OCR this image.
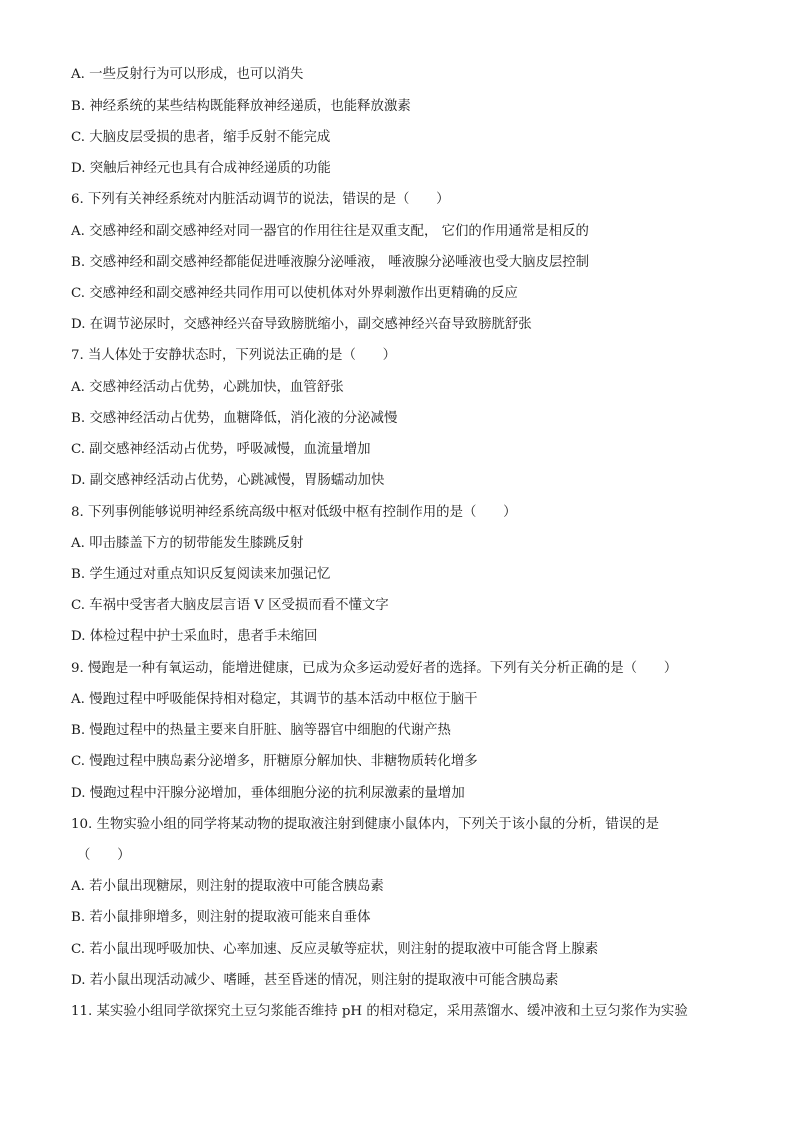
A. 一些反射行为可以形成，也可以消失
B. 神经系统的某些结构既能释放神经递质，也能释放激素
C. 大脑皮层受损的患者，缩手反射不能完成
D. 突触后神经元也具有合成神经递质的功能
6. 下列有关神经系统对内脏活动调节的说法，错误的是（　　）
A. 交感神经和副交感神经对同一器官的作用往往是双重支配， 它们的作用通常是相反的
B. 交感神经和副交感神经都能促进唾液腺分泌唾液， 唾液腺分泌唾液也受大脑皮层控制
C. 交感神经和副交感神经共同作用可以使机体对外界刺激作出更精确的反应
D. 在调节泌尿时，交感神经兴奋导致膀胱缩小，副交感神经兴奋导致膀胱舒张
7. 当人体处于安静状态时，下列说法正确的是（　　）
A. 交感神经活动占优势，心跳加快，血管舒张
B. 交感神经活动占优势，血糖降低，消化液的分泌减慢
C. 副交感神经活动占优势，呼吸减慢，血流量增加
D. 副交感神经活动占优势，心跳减慢，胃肠蠕动加快
8. 下列事例能够说明神经系统高级中枢对低级中枢有控制作用的是（　　）
A. 叩击膝盖下方的韧带能发生膝跳反射
B. 学生通过对重点知识反复阅读来加强记忆
C. 车祸中受害者大脑皮层言语 V 区受损而看不懂文字
D. 体检过程中护士采血时，患者手未缩回
9. 慢跑是一种有氧运动，能增进健康，已成为众多运动爱好者的选择。下列有关分析正确的是（　　）
A. 慢跑过程中呼吸能保持相对稳定，其调节的基本活动中枢位于脑干
B. 慢跑过程中的热量主要来自肝脏、脑等器官中细胞的代谢产热
C. 慢跑过程中胰岛素分泌增多，肝糖原分解加快、非糖物质转化增多
D. 慢跑过程中汗腺分泌增加，垂体细胞分泌的抗利尿激素的量增加
10. 生物实验小组的同学将某动物的提取液注射到健康小鼠体内，下列关于该小鼠的分析，错误的是
（　　）
A. 若小鼠出现糖尿，则注射的提取液中可能含胰岛素
B. 若小鼠排卵增多，则注射的提取液可能来自垂体
C. 若小鼠出现呼吸加快、心率加速、反应灵敏等症状，则注射的提取液中可能含肾上腺素
D. 若小鼠出现活动减少、嗜睡，甚至昏迷的情况，则注射的提取液中可能含胰岛素
11. 某实验小组同学欲探究土豆匀浆能否维持 pH 的相对稳定，采用蒸馏水、缓冲液和土豆匀浆作为实验
